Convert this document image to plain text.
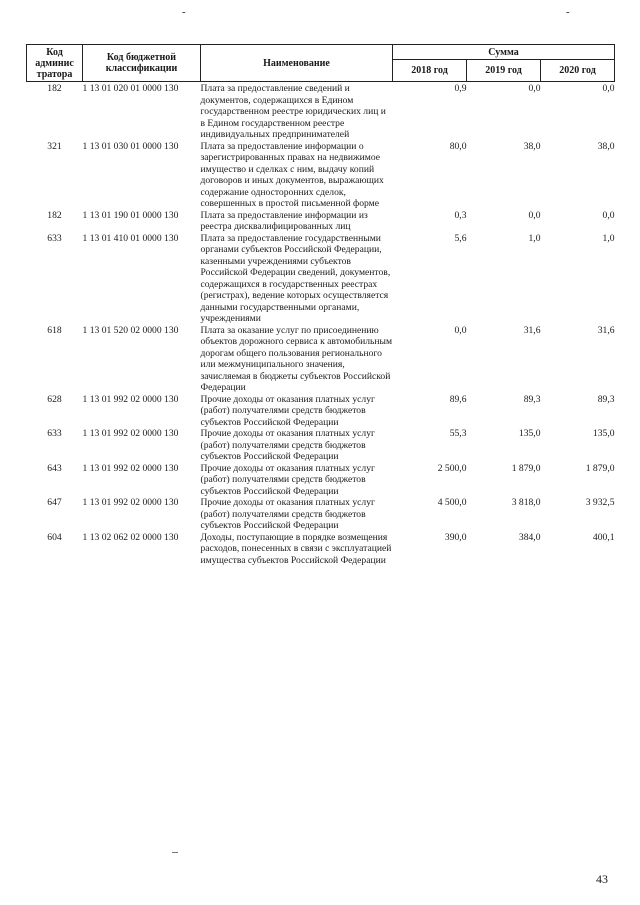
-	-
Код админис тратора	Код бюджетной классификации	Наименование	Сумма		
			2018 год	2019 год	2020 год
182	1 13 01 020 01 0000 130	Плата за предоставление сведений и документов, содержащихся в Едином государственном реестре юридических лиц и в Едином государственном реестре индивидуальных предпринимателей	0,9	0,0	0,0
321	1 13 01 030 01 0000 130	Плата за предоставление информации о зарегистрированных правах на недвижимое имущество и сделках с ним, выдачу копий договоров и иных документов, выражающих содержание односторонних сделок, совершенных в простой письменной форме	80,0	38,0	38,0
182	1 13 01 190 01 0000 130	Плата за предоставление информации из реестра дисквалифицированных лиц	0,3	0,0	0,0
633	1 13 01 410 01 0000 130	Плата за предоставление государственными органами субъектов Российской Федерации, казенными учреждениями субъектов Российской Федерации сведений, документов, содержащихся в государственных реестрах (регистрах), ведение которых осуществляется данными государственными органами, учреждениями	5,6	1,0	1,0
618	1 13 01 520 02 0000 130	Плата за оказание услуг по присоединению объектов дорожного сервиса к автомобильным дорогам общего пользования регионального или межмуниципального значения, зачисляемая в бюджеты субъектов Российской Федерации	0,0	31,6	31,6
628	1 13 01 992 02 0000 130	Прочие доходы от оказания платных услуг (работ) получателями средств бюджетов субъектов Российской Федерации	89,6	89,3	89,3
633	1 13 01 992 02 0000 130	Прочие доходы от оказания платных услуг (работ) получателями средств бюджетов субъектов Российской Федерации	55,3	135,0	135,0
643	1 13 01 992 02 0000 130	Прочие доходы от оказания платных услуг (работ) получателями средств бюджетов субъектов Российской Федерации	2 500,0	1 879,0	1 879,0
647	1 13 01 992 02 0000 130	Прочие доходы от оказания платных услуг (работ) получателями средств бюджетов субъектов Российской Федерации	4 500,0	3 818,0	3 932,5
604	1 13 02 062 02 0000 130	Доходы, поступающие в порядке возмещения расходов, понесенных в связи с эксплуатацией имущества субъектов Российской Федерации	390,0	384,0	400,1
43
